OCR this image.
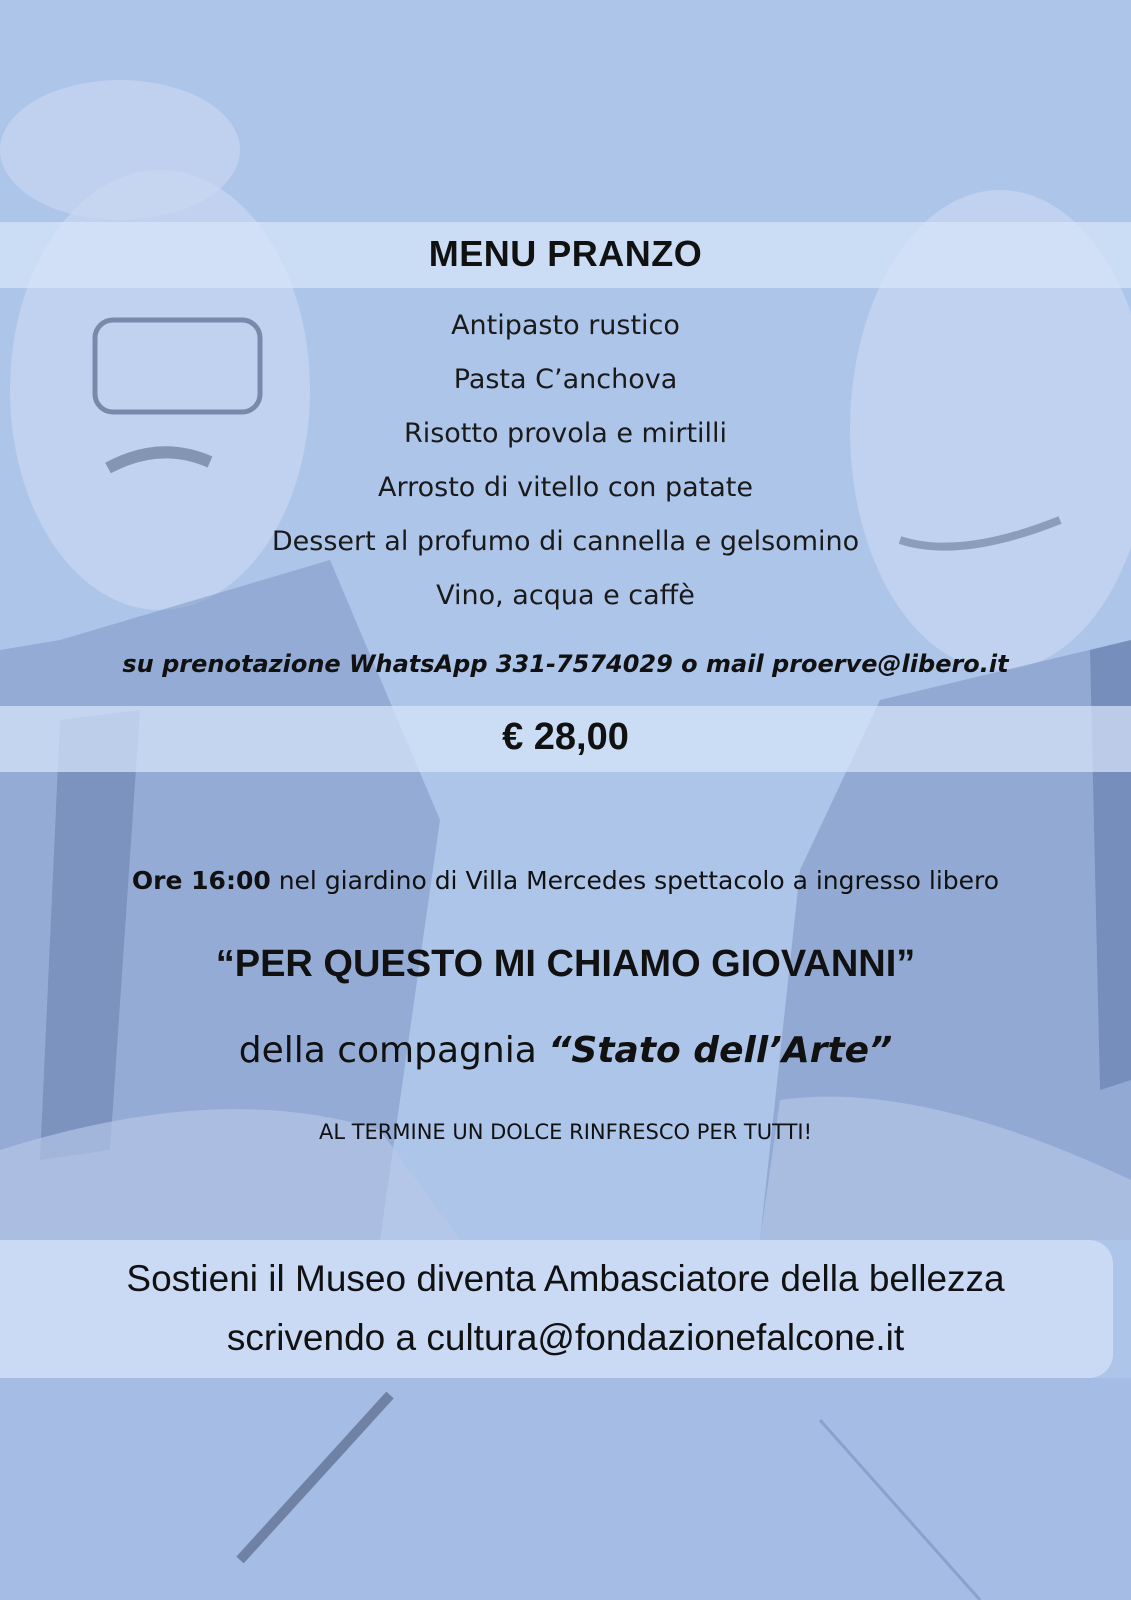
MENU PRANZO
Antipasto rustico
Pasta C’anchova
Risotto provola e mirtilli
Arrosto di vitello con patate
Dessert al profumo di cannella e gelsomino
Vino, acqua e caffè
su prenotazione WhatsApp 331-7574029 o mail proerve@libero.it
€ 28,00
Ore 16:00 nel giardino di Villa Mercedes spettacolo a ingresso libero
“PER QUESTO MI CHIAMO GIOVANNI”
della compagnia “Stato dell’Arte”
AL TERMINE UN DOLCE RINFRESCO PER TUTTI!
Sostieni il Museo diventa Ambasciatore della bellezza
scrivendo a cultura@fondazionefalcone.it
